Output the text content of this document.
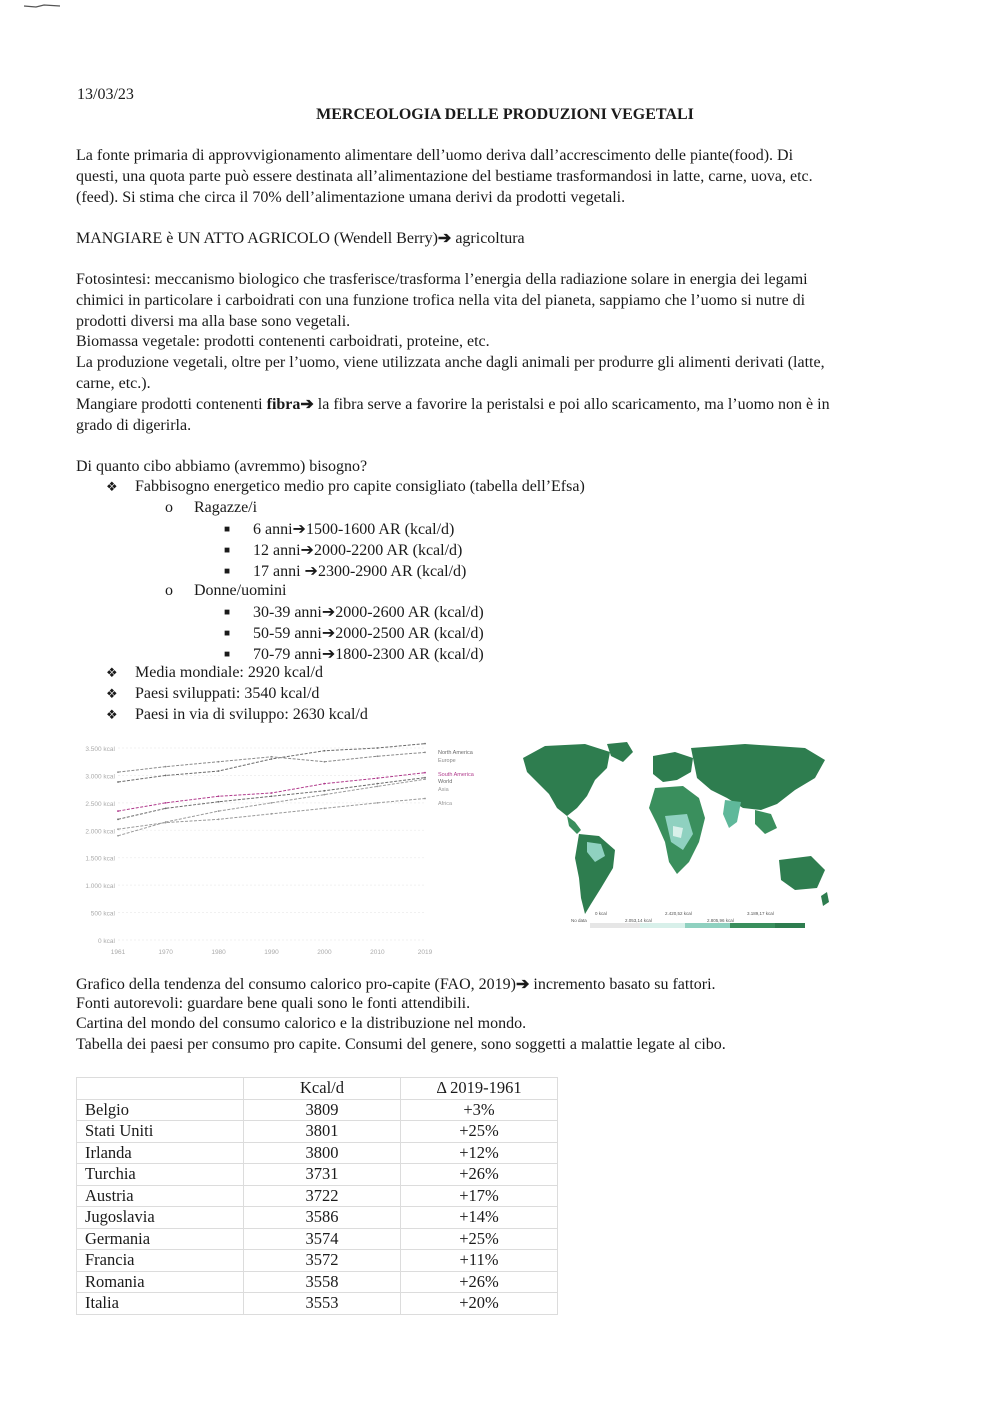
13/03/23
MERCEOLOGIA DELLE PRODUZIONI VEGETALI

La fonte primaria di approvvigionamento alimentare dell’uomo deriva dall’accrescimento delle piante(food). Di

questi, una quota parte può essere destinata all’alimentazione del bestiame trasformandosi in latte, carne, uova, etc.

(feed). Si stima che circa il 70% dell’alimentazione umana derivi da prodotti vegetali.

MANGIARE è UN ATTO AGRICOLO (Wendell Berry)➔ agricoltura

Fotosintesi: meccanismo biologico che trasferisce/trasforma l’energia della radiazione solare in energia dei legami

chimici in particolare i carboidrati con una funzione trofica nella vita del pianeta, sappiamo che l’uomo si nutre di

prodotti diversi ma alla base sono vegetali.

Biomassa vegetale: prodotti contenenti carboidrati, proteine, etc.

La produzione vegetali, oltre per l’uomo, viene utilizzata anche dagli animali per produrre gli alimenti derivati (latte,

carne, etc.).

Mangiare prodotti contenenti fibra➔ la fibra serve a favorire la peristalsi e poi allo scaricamento, ma l’uomo non è in

grado di digerirla.

Di quanto cibo abbiamo (avremmo) bisogno?

❖ Fabbisogno energetico medio pro capite consigliato (tabella dell’Efsa)
o Ragazze/i
■ 6 anni➔1500-1600 AR (kcal/d)
■ 12 anni➔2000-2200 AR (kcal/d)
■ 17 anni ➔2300-2900 AR (kcal/d)
o Donne/uomini
■ 30-39 anni➔2000-2600 AR (kcal/d)
■ 50-59 anni➔2000-2500 AR (kcal/d)
■ 70-79 anni➔1800-2300 AR (kcal/d)
❖ Media mondiale: 2920 kcal/d
❖ Paesi sviluppati: 3540 kcal/d
❖ Paesi in via di sviluppo: 2630 kcal/d
0 kcal
500 kcal
1.000 kcal
1.500 kcal
2.000 kcal
2.500 kcal
3.000 kcal
3.500 kcal
1961	1970	1980	1990	2000	2010	2019
North America
Europe
South America
World
Asia
Africa
No data
0 kcal
2.053,14 kcal
2.420,52 kcal
2.805,96 kcal
3.189,17 kcal
Grafico della tendenza del consumo calorico pro-capite (FAO, 2019)➔ incremento basato su fattori.
Fonti autorevoli: guardare bene quali sono le fonti attendibili.
Cartina del mondo del consumo calorico e la distribuzione nel mondo.
Tabella dei paesi per consumo pro capite. Consumi del genere, sono soggetti a malattie legate al cibo.
	Kcal/d	Δ 2019-1961
Belgio	3809	+3%
Stati Uniti	3801	+25%
Irlanda	3800	+12%
Turchia	3731	+26%
Austria	3722	+17%
Jugoslavia	3586	+14%
Germania	3574	+25%
Francia	3572	+11%
Romania	3558	+26%
Italia	3553	+20%
